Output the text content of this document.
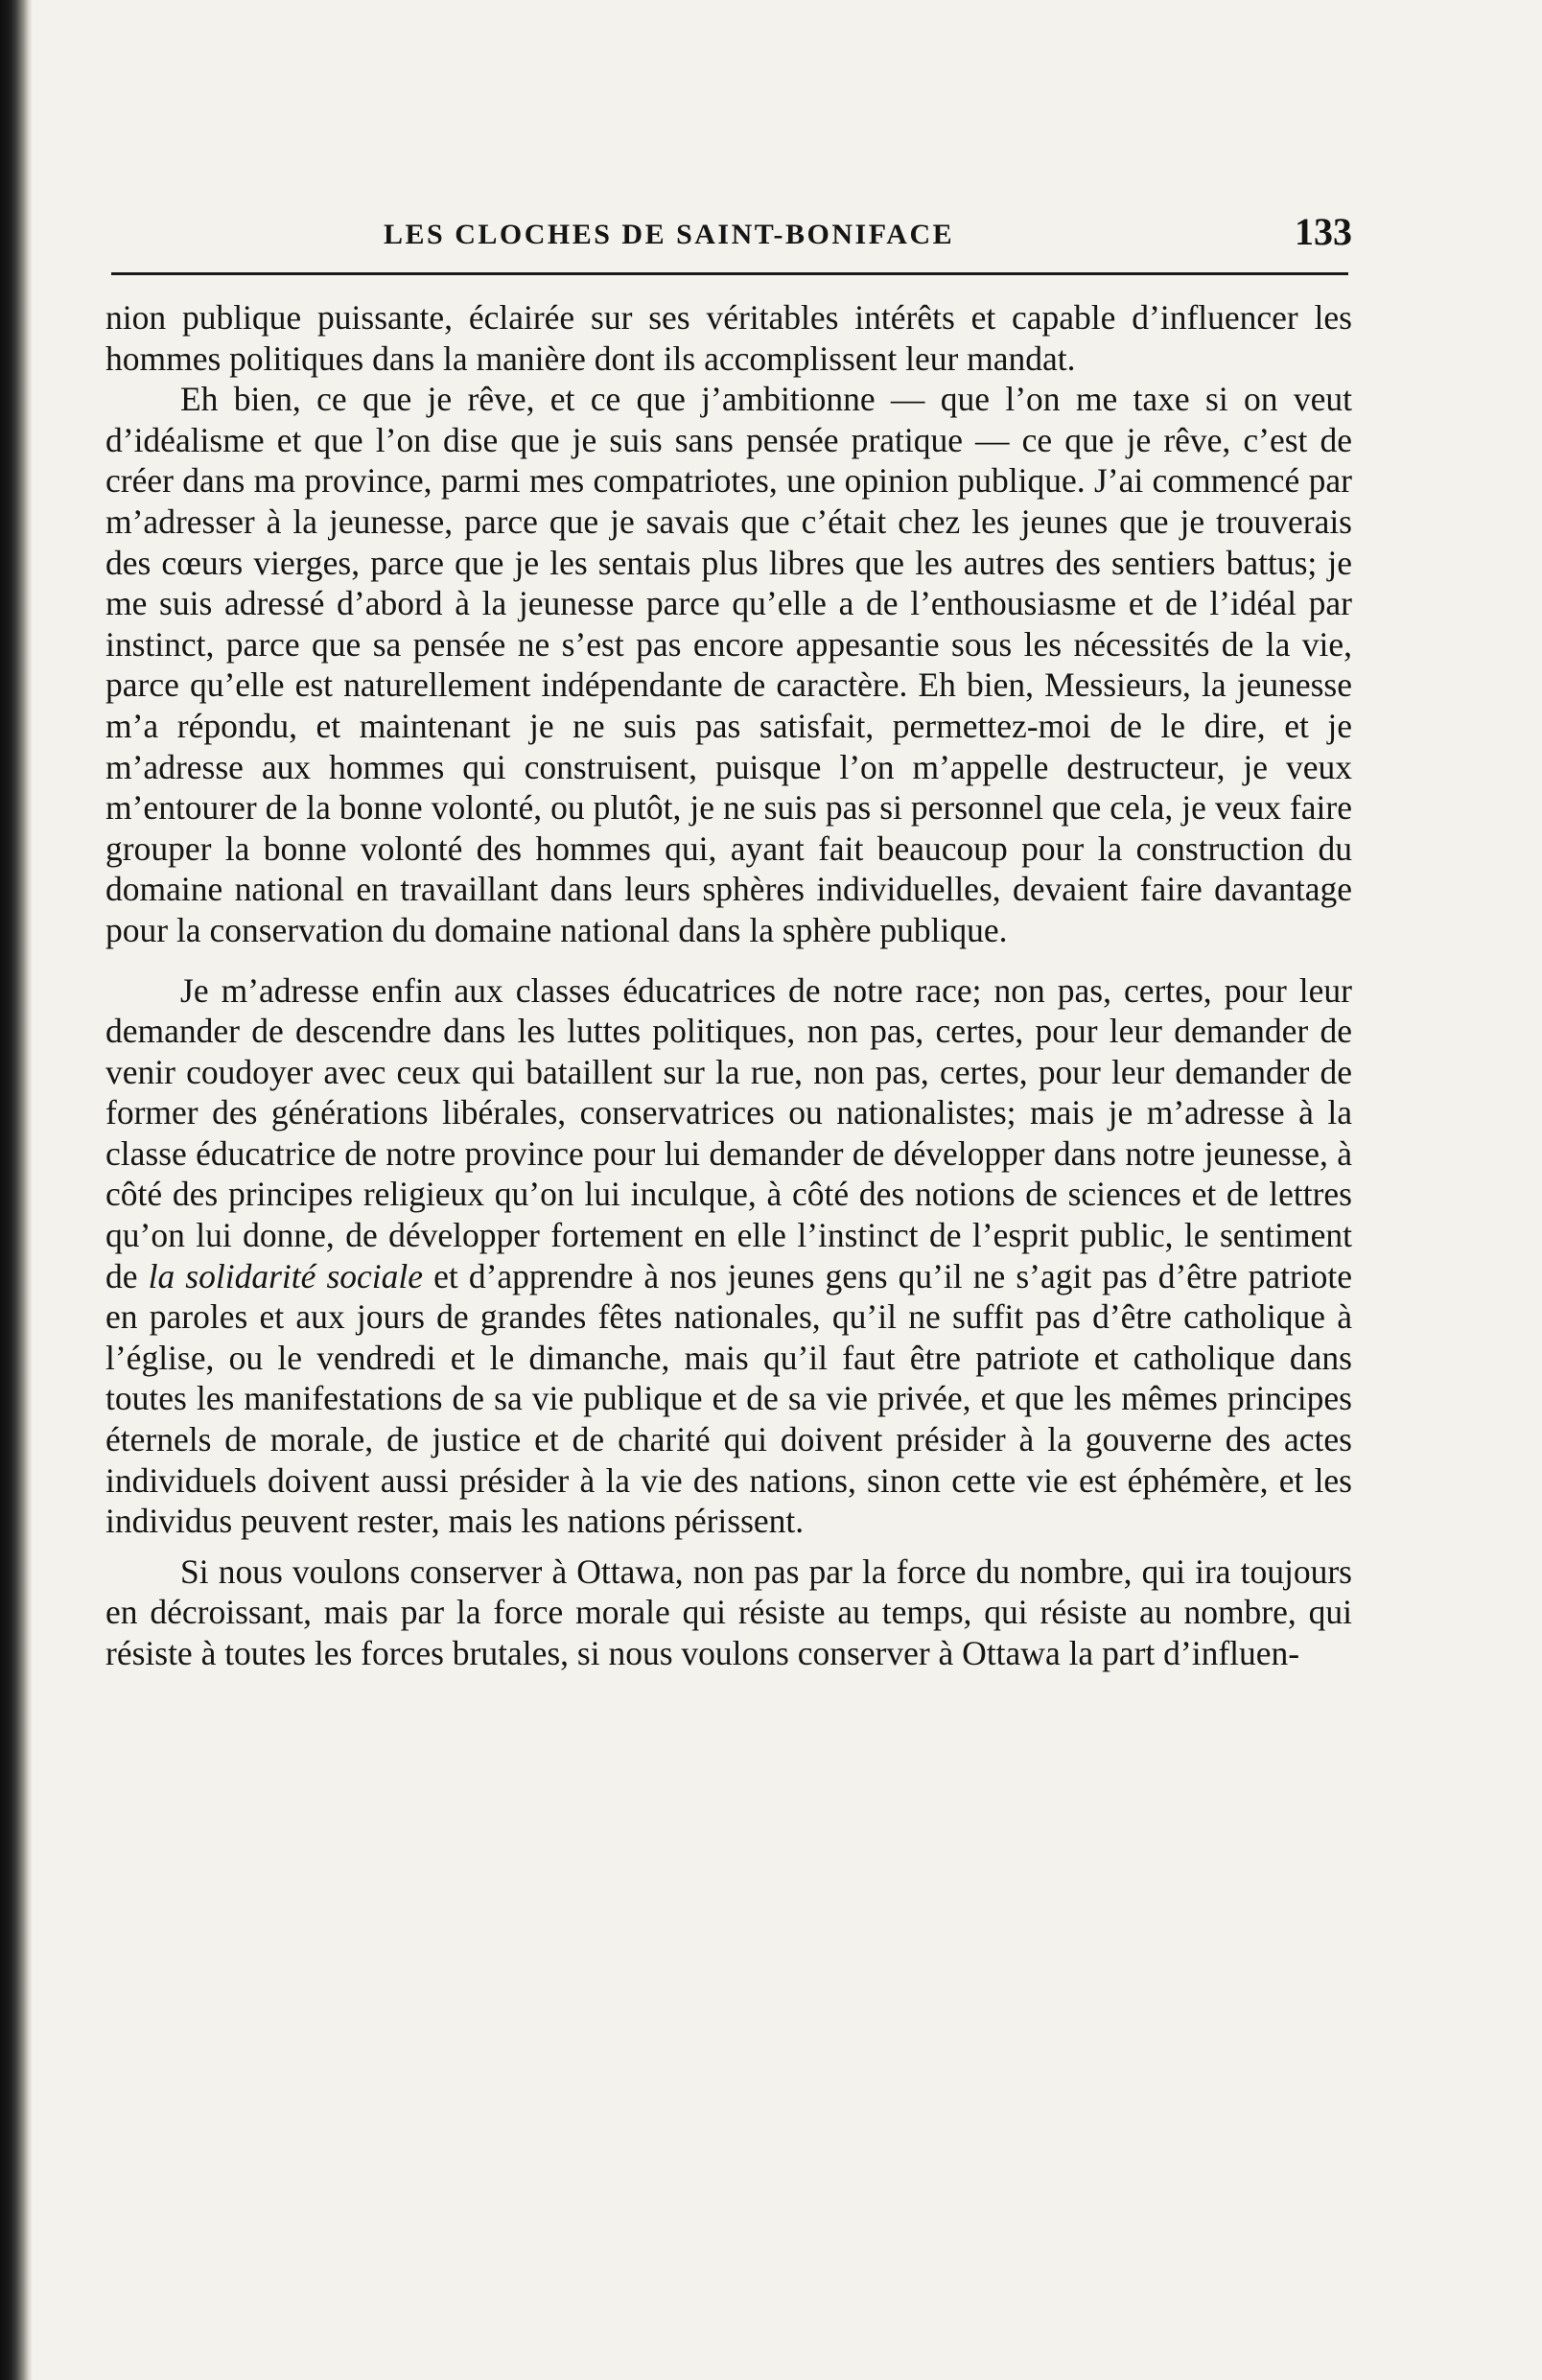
LES CLOCHES DE SAINT-BONIFACE	133

nion publique puissante, éclairée sur ses véritables intérêts et capable d’influencer les hommes politiques dans la manière dont ils accomplissent leur mandat.

Eh bien, ce que je rêve, et ce que j’ambitionne — que l’on me taxe si on veut d’idéalisme et que l’on dise que je suis sans pensée pratique — ce que je rêve, c’est de créer dans ma province, parmi mes compatriotes, une opinion publique. J’ai commencé par m’adresser à la jeunesse, parce que je savais que c’était chez les jeunes que je trouverais des cœurs vierges, parce que je les sentais plus libres que les autres des sentiers battus; je me suis adressé d’abord à la jeunesse parce qu’elle a de l’enthousiasme et de l’idéal par instinct, parce que sa pensée ne s’est pas encore appesantie sous les nécessités de la vie, parce qu’elle est naturellement indépendante de caractère. Eh bien, Messieurs, la jeunesse m’a répondu, et maintenant je ne suis pas satisfait, permettez-moi de le dire, et je m’adresse aux hommes qui construisent, puisque l’on m’appelle destructeur, je veux m’entourer de la bonne volonté, ou plutôt, je ne suis pas si personnel que cela, je veux faire grouper la bonne volonté des hommes qui, ayant fait beaucoup pour la construction du domaine national en travaillant dans leurs sphères individuelles, devaient faire davantage pour la conservation du domaine national dans la sphère publique.

Je m’adresse enfin aux classes éducatrices de notre race; non pas, certes, pour leur demander de descendre dans les luttes politiques, non pas, certes, pour leur demander de venir coudoyer avec ceux qui bataillent sur la rue, non pas, certes, pour leur demander de former des générations libérales, conservatrices ou nationalistes; mais je m’adresse à la classe éducatrice de notre province pour lui demander de développer dans notre jeunesse, à côté des principes religieux qu’on lui inculque, à côté des notions de sciences et de lettres qu’on lui donne, de développer fortement en elle l’instinct de l’esprit public, le sentiment de la solidarité sociale et d’apprendre à nos jeunes gens qu’il ne s’agit pas d’être patriote en paroles et aux jours de grandes fêtes nationales, qu’il ne suffit pas d’être catholique à l’église, ou le vendredi et le dimanche, mais qu’il faut être patriote et catholique dans toutes les manifestations de sa vie publique et de sa vie privée, et que les mêmes principes éternels de morale, de justice et de charité qui doivent présider à la gouverne des actes individuels doivent aussi présider à la vie des nations, sinon cette vie est éphémère, et les individus peuvent rester, mais les nations périssent.

Si nous voulons conserver à Ottawa, non pas par la force du nombre, qui ira toujours en décroissant, mais par la force morale qui résiste au temps, qui résiste au nombre, qui résiste à toutes les forces brutales, si nous voulons conserver à Ottawa la part d’influen-
